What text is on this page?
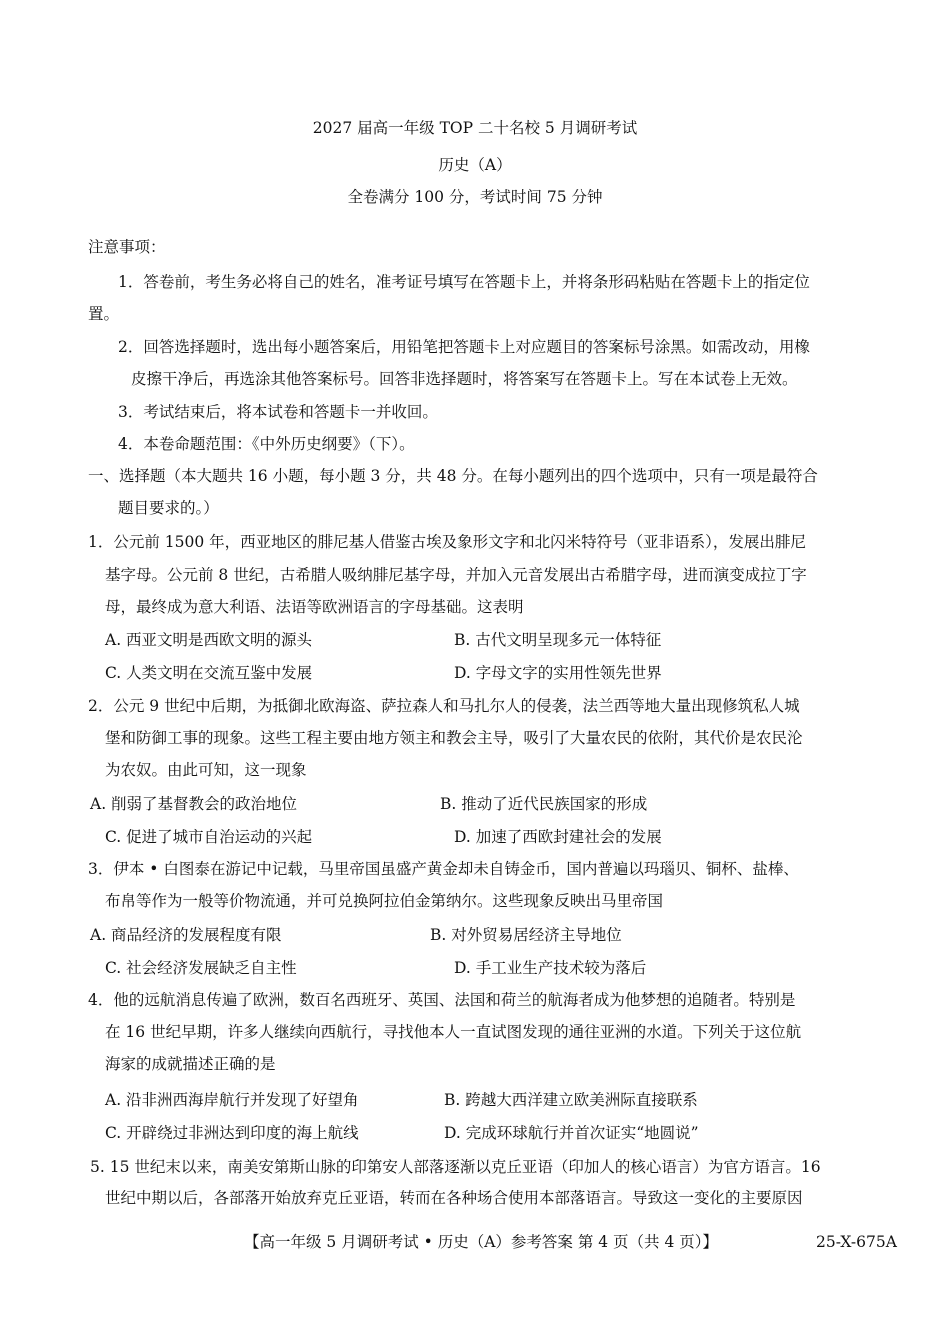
2027 届高一年级 TOP 二十名校 5 月调研考试
历史（A）
全卷满分 100 分，考试时间 75 分钟
注意事项：
1．答卷前，考生务必将自己的姓名，准考证号填写在答题卡上，并将条形码粘贴在答题卡上的指定位
置。
2．回答选择题时，选出每小题答案后，用铅笔把答题卡上对应题目的答案标号涂黑。如需改动，用橡
皮擦干净后，再选涂其他答案标号。回答非选择题时，将答案写在答题卡上。写在本试卷上无效。
3．考试结束后，将本试卷和答题卡一并收回。
4．本卷命题范围：《中外历史纲要》（下）。
一、选择题（本大题共 16 小题，每小题 3 分，共 48 分。在每小题列出的四个选项中，只有一项是最符合
题目要求的。）
1．公元前 1500 年，西亚地区的腓尼基人借鉴古埃及象形文字和北闪米特符号（亚非语系），发展出腓尼
基字母。公元前 8 世纪，古希腊人吸纳腓尼基字母，并加入元音发展出古希腊字母，进而演变成拉丁字
母，最终成为意大利语、法语等欧洲语言的字母基础。这表明
A. 西亚文明是西欧文明的源头	B. 古代文明呈现多元一体特征
C. 人类文明在交流互鉴中发展	D. 字母文字的实用性领先世界
2．公元 9 世纪中后期，为抵御北欧海盗、萨拉森人和马扎尔人的侵袭，法兰西等地大量出现修筑私人城
堡和防御工事的现象。这些工程主要由地方领主和教会主导，吸引了大量农民的依附，其代价是农民沦
为农奴。由此可知，这一现象
A. 削弱了基督教会的政治地位	B. 推动了近代民族国家的形成
C. 促进了城市自治运动的兴起	D. 加速了西欧封建社会的发展
3．伊本 • 白图泰在游记中记载，马里帝国虽盛产黄金却未自铸金币，国内普遍以玛瑙贝、铜杯、盐棒、
布帛等作为一般等价物流通，并可兑换阿拉伯金第纳尔。这些现象反映出马里帝国
A. 商品经济的发展程度有限	B. 对外贸易居经济主导地位
C. 社会经济发展缺乏自主性	D. 手工业生产技术较为落后
4．他的远航消息传遍了欧洲，数百名西班牙、英国、法国和荷兰的航海者成为他梦想的追随者。特别是
在 16 世纪早期，许多人继续向西航行，寻找他本人一直试图发现的通往亚洲的水道。下列关于这位航
海家的成就描述正确的是
A. 沿非洲西海岸航行并发现了好望角	B. 跨越大西洋建立欧美洲际直接联系
C. 开辟绕过非洲达到印度的海上航线	D. 完成环球航行并首次证实“地圆说”
5. 15 世纪末以来，南美安第斯山脉的印第安人部落逐渐以克丘亚语（印加人的核心语言）为官方语言。16
世纪中期以后，各部落开始放弃克丘亚语，转而在各种场合使用本部落语言。导致这一变化的主要原因
【高一年级 5 月调研考试 • 历史（A）参考答案 第 4 页（共 4 页）】	25-X-675A
